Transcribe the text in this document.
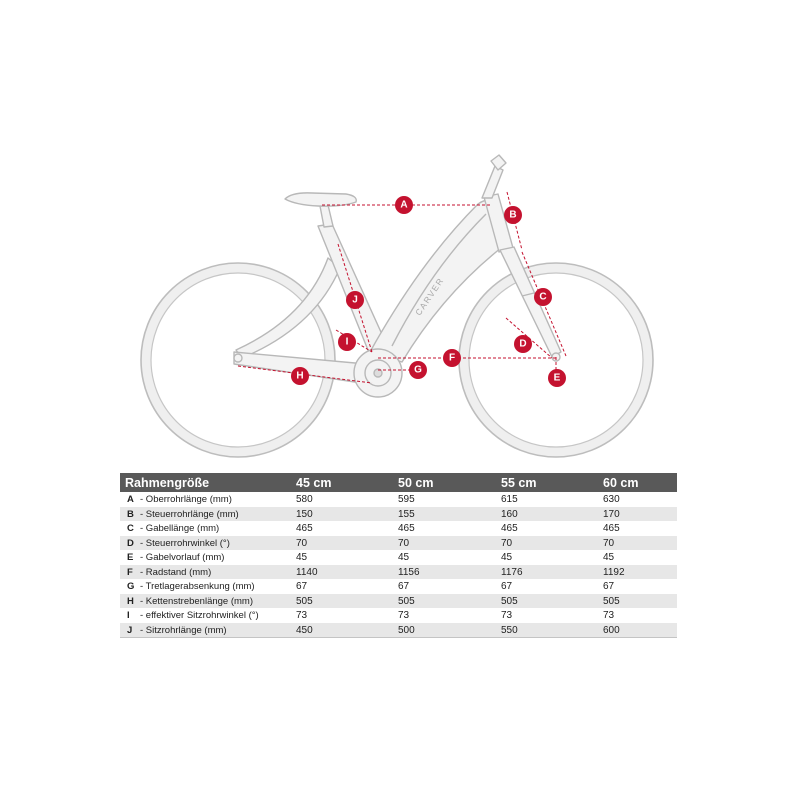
CARVER
A
B
C
D
E
F
G
H
I
J
Rahmengröße	45 cm	50 cm	55 cm	60 cm
A - Oberrohrlänge (mm)	580	595	615	630
B - Steuerrohrlänge (mm)	150	155	160	170
C - Gabellänge (mm)	465	465	465	465
D - Steuerrohrwinkel (°)	70	70	70	70
E - Gabelvorlauf (mm)	45	45	45	45
F - Radstand (mm)	1140	1156	1176	1192
G - Tretlagerabsenkung (mm)	67	67	67	67
H - Kettenstrebenlänge (mm)	505	505	505	505
I - effektiver Sitzrohrwinkel (°)	73	73	73	73
J - Sitzrohrlänge (mm)	450	500	550	600
